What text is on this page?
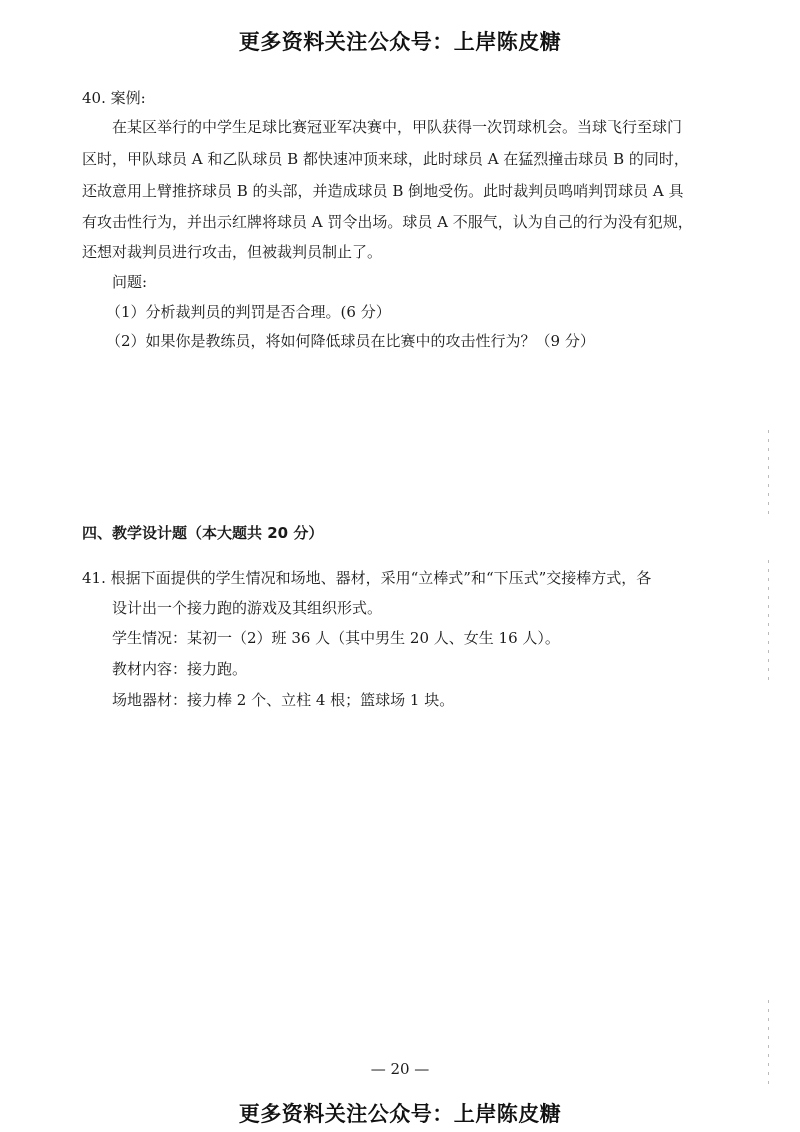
更多资料关注公众号：上岸陈皮糖
40. 案例:
在某区举行的中学生足球比赛冠亚军决赛中，甲队获得一次罚球机会。当球飞行至球门
区时，甲队球员 A 和乙队球员 B 都快速冲顶来球，此时球员 A 在猛烈撞击球员 B 的同时，
还故意用上臂推挤球员 B 的头部，并造成球员 B 倒地受伤。此时裁判员鸣哨判罚球员 A 具
有攻击性行为，并出示红牌将球员 A 罚令出场。球员 A 不服气，认为自己的行为没有犯规，
还想对裁判员进行攻击，但被裁判员制止了。
问题:
（1）分析裁判员的判罚是否合理。(6 分）
（2）如果你是教练员，将如何降低球员在比赛中的攻击性行为？（9 分）
四、教学设计题（本大题共 20 分）
41. 根据下面提供的学生情况和场地、器材，采用“立棒式”和“下压式”交接棒方式，各
设计出一个接力跑的游戏及其组织形式。
学生情况：某初一（2）班 36 人（其中男生 20 人、女生 16 人）。
教材内容：接力跑。
场地器材：接力棒 2 个、立柱 4 根；篮球场 1 块。
— 20 —
更多资料关注公众号：上岸陈皮糖
